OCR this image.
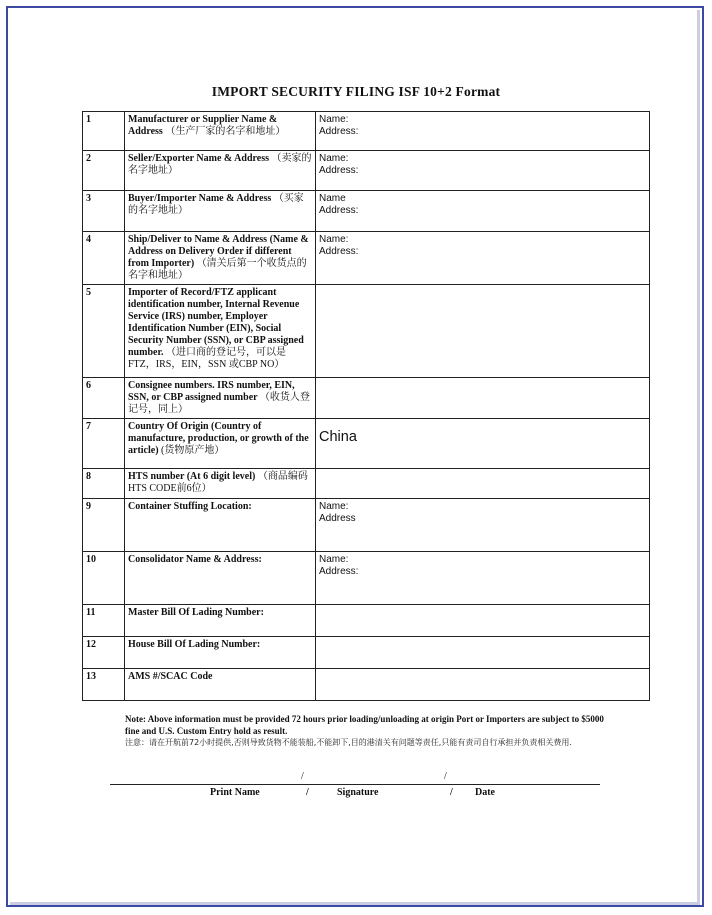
IMPORT SECURITY FILING ISF 10+2 Format
1	Manufacturer or Supplier Name & Address （生产厂家的名字和地址）	Name:
Address:

2	Seller/Exporter Name & Address （卖家的名字地址）	Name:
Address:

3	Buyer/Importer Name & Address （买家的名字地址）	Name
Address:

4	Ship/Deliver to Name & Address (Name & Address on Delivery Order if different from Importer) （清关后第一个收货点的名字和地址）	Name:
Address:

5	Importer of Record/FTZ applicant identification number, Internal Revenue Service (IRS) number, Employer Identification Number (EIN), Social Security Number (SSN), or CBP assigned number. （进口商的登记号，可以是FTZ，IRS，EIN，SSN 或CBP NO）	
6	Consignee numbers. IRS number, EIN, SSN, or CBP assigned number （收货人登记号，同上）	
7	Country Of Origin (Country of manufacture, production, or growth of the article) (货物原产地）	China

8	HTS number (At 6 digit level) （商品编码HTS CODE前6位）	
9	Container Stuffing Location:	Name:
Address

10	Consolidator Name & Address:	Name:
Address:

11	Master Bill Of Lading Number:	
12	House Bill Of Lading Number:	
13	AMS #/SCAC Code	
Note: Above information must be provided 72 hours prior loading/unloading at origin Port or Importers are subject to $5000 fine and U.S. Custom Entry hold as result.
注意：请在开航前72小时提供,否则导致货物不能装船,不能卸下,目的港清关有问题等责任,只能有责司自行承担并负责相关费用.
/	/
Print Name	/	Signature	/ Date
